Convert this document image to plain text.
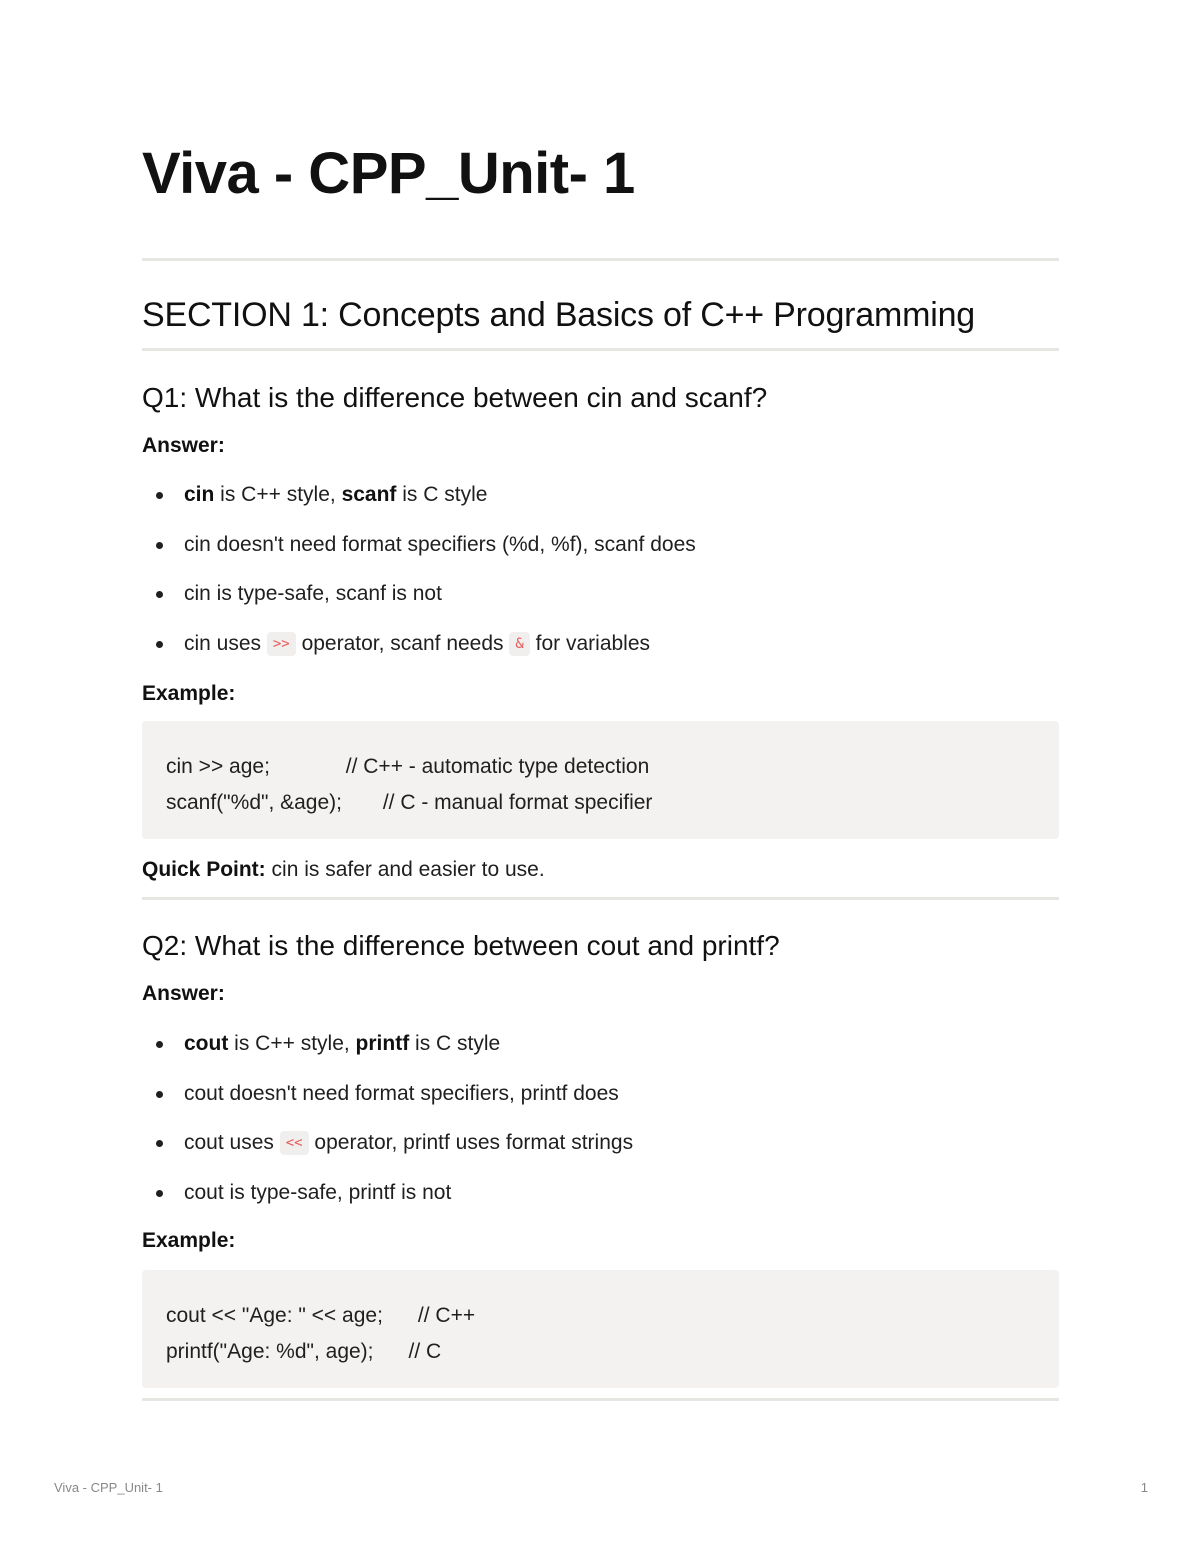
Viva - CPP_Unit- 1
SECTION 1: Concepts and Basics of C++ Programming
Q1: What is the difference between cin and scanf?
Answer:
cin is C++ style, scanf is C style
cin doesn't need format specifiers (%d, %f), scanf does
cin is type-safe, scanf is not
cin uses >> operator, scanf needs & for variables
Example:
cin >> age;             // C++ - automatic type detection
scanf("%d", &age);       // C - manual format specifier
Quick Point: cin is safer and easier to use.
Q2: What is the difference between cout and printf?
Answer:
cout is C++ style, printf is C style
cout doesn't need format specifiers, printf does
cout uses << operator, printf uses format strings
cout is type-safe, printf is not
Example:
cout << "Age: " << age;      // C++
printf("Age: %d", age);      // C
Viva - CPP_Unit- 1	1
